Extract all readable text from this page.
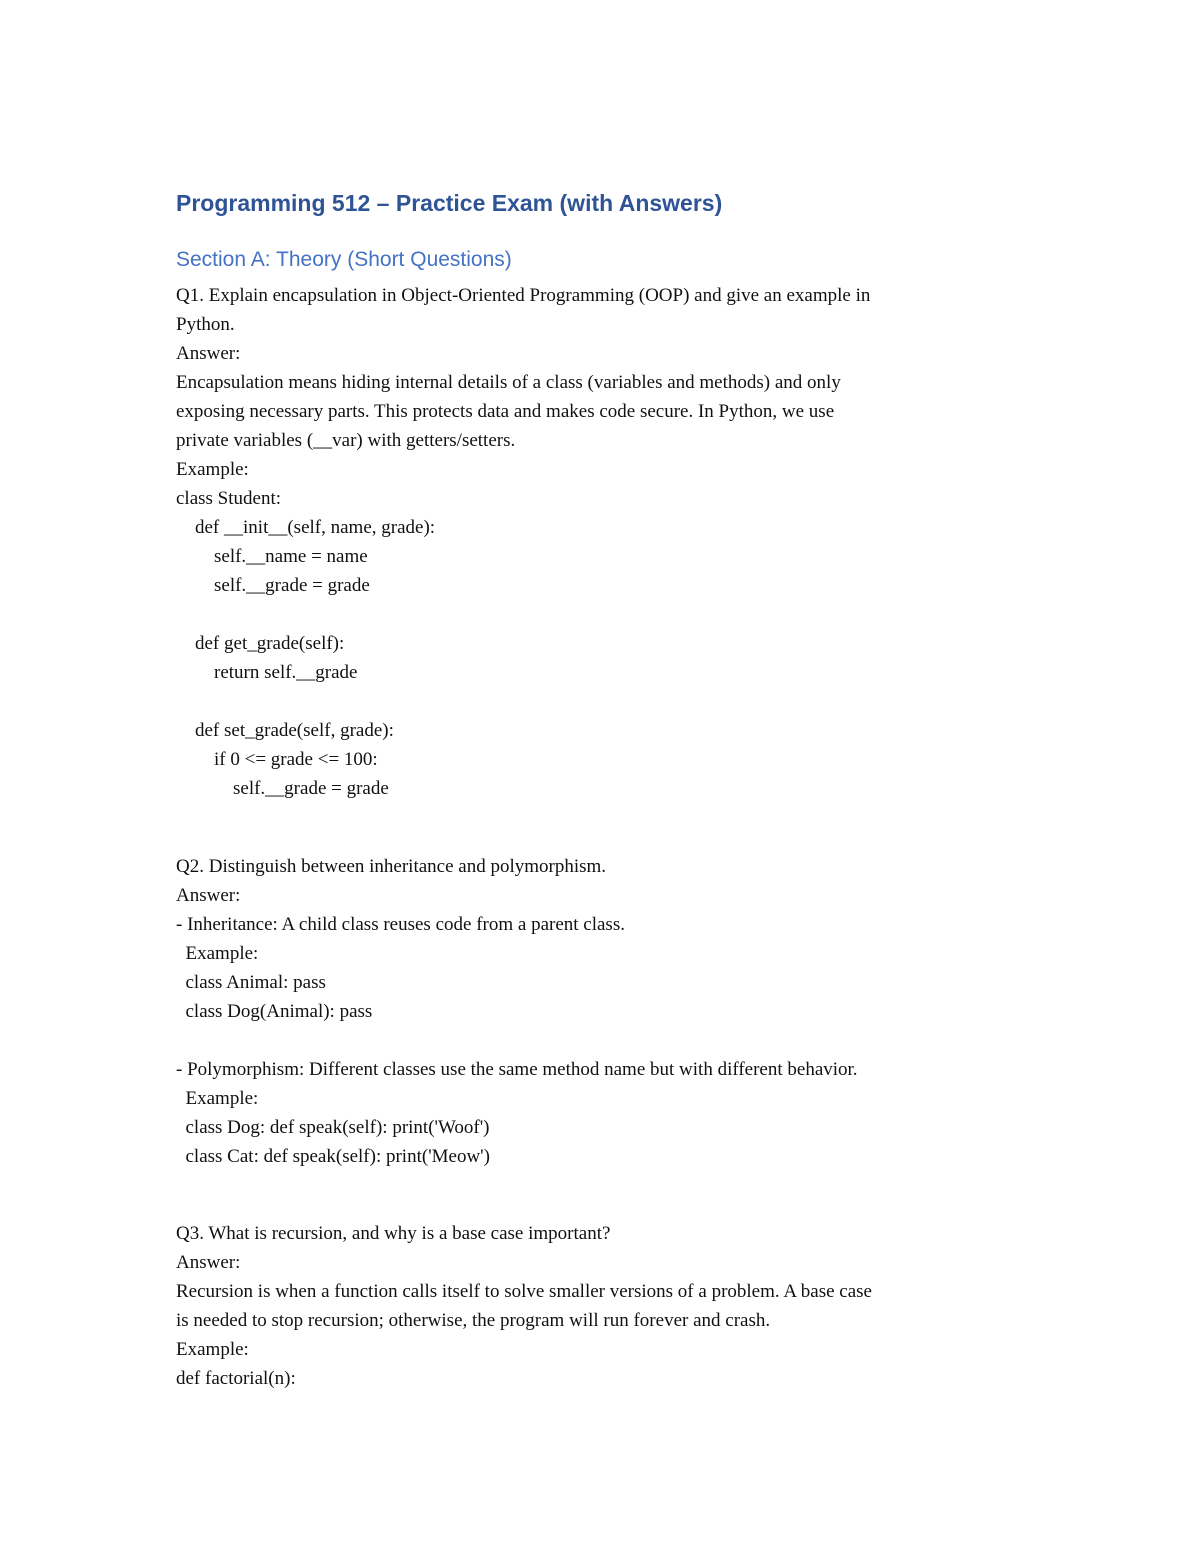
Programming 512 – Practice Exam (with Answers)
Section A: Theory (Short Questions)

Q1. Explain encapsulation in Object-Oriented Programming (OOP) and give an example in

Python.

Answer:

Encapsulation means hiding internal details of a class (variables and methods) and only

exposing necessary parts. This protects data and makes code secure. In Python, we use

private variables (__var) with getters/setters.

Example:

class Student:

def __init__(self, name, grade):

self.__name = name

self.__grade = grade

def get_grade(self):

return self.__grade

def set_grade(self, grade):

if 0 <= grade <= 100:

self.__grade = grade

Q2. Distinguish between inheritance and polymorphism.

Answer:

- Inheritance: A child class reuses code from a parent class.

Example:

class Animal: pass

class Dog(Animal): pass

- Polymorphism: Different classes use the same method name but with different behavior.

Example:

class Dog: def speak(self): print('Woof')

class Cat: def speak(self): print('Meow')

Q3. What is recursion, and why is a base case important?

Answer:

Recursion is when a function calls itself to solve smaller versions of a problem. A base case

is needed to stop recursion; otherwise, the program will run forever and crash.

Example:

def factorial(n):
